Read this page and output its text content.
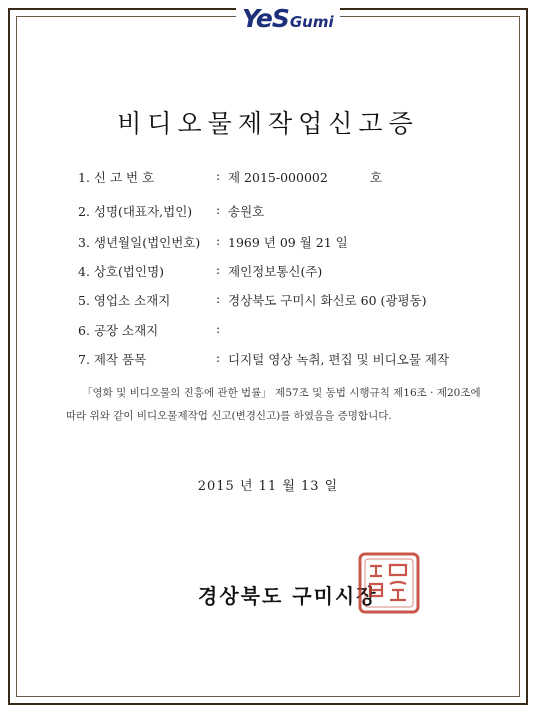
YeS Gumi
비디오물제작업신고증
1. 신 고 번 호	: 제 2015-000002	호
2. 성명(대표자,법인) : 송원호
3. 생년월일(법인번호) : 1969 년 09 월 21 일
4. 상호(법인명)	: 제인정보통신(주)
5. 영업소 소재지	: 경상북도 구미시 화신로 60 (광평동)
6. 공장 소재지	:
7. 제작 품목	: 디지털 영상 녹취, 편집 및 비디오물 제작
「영화 및 비디오물의 진흥에 관한 법률」 제57조 및 동법 시행규칙 제16조 · 제20조에 따라 위와 같이 비디오물제작업 신고(변경신고)를 하였음을 증명합니다.
2015 년 11 월 13 일
경상북도 구미시장
